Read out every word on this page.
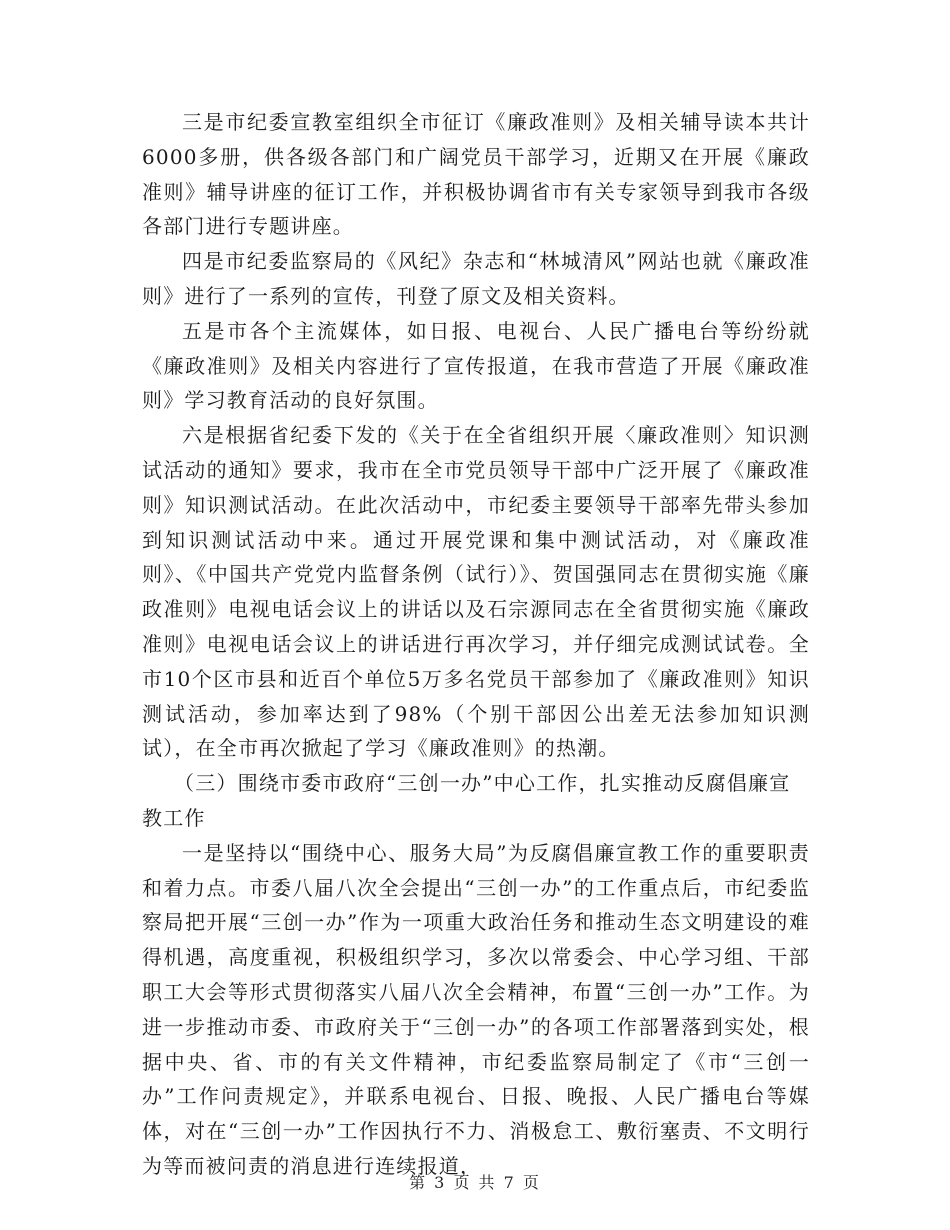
三是市纪委宣教室组织全市征订《廉政准则》及相关辅导读本共计6000多册，供各级各部门和广阔党员干部学习，近期又在开展《廉政准则》辅导讲座的征订工作，并积极协调省市有关专家领导到我市各级各部门进行专题讲座。

四是市纪委监察局的《风纪》杂志和“林城清风”网站也就《廉政准则》进行了一系列的宣传，刊登了原文及相关资料。

五是市各个主流媒体，如日报、电视台、人民广播电台等纷纷就《廉政准则》及相关内容进行了宣传报道，在我市营造了开展《廉政准则》学习教育活动的良好氛围。

六是根据省纪委下发的《关于在全省组织开展〈廉政准则〉知识测试活动的通知》要求，我市在全市党员领导干部中广泛开展了《廉政准则》知识测试活动。在此次活动中，市纪委主要领导干部率先带头参加到知识测试活动中来。通过开展党课和集中测试活动，对《廉政准则》、《中国共产党党内监督条例（试行）》、贺国强同志在贯彻实施《廉政准则》电视电话会议上的讲话以及石宗源同志在全省贯彻实施《廉政准则》电视电话会议上的讲话进行再次学习，并仔细完成测试试卷。全市10个区市县和近百个单位5万多名党员干部参加了《廉政准则》知识测试活动，参加率达到了98%（个别干部因公出差无法参加知识测试），在全市再次掀起了学习《廉政准则》的热潮。

（三）围绕市委市政府“三创一办”中心工作，扎实推动反腐倡廉宣教工作

一是坚持以“围绕中心、服务大局”为反腐倡廉宣教工作的重要职责和着力点。市委八届八次全会提出“三创一办”的工作重点后，市纪委监察局把开展“三创一办”作为一项重大政治任务和推动生态文明建设的难得机遇，高度重视，积极组织学习，多次以常委会、中心学习组、干部职工大会等形式贯彻落实八届八次全会精神，布置“三创一办”工作。为进一步推动市委、市政府关于“三创一办”的各项工作部署落到实处，根据中央、省、市的有关文件精神，市纪委监察局制定了《市“三创一办”工作问责规定》，并联系电视台、日报、晚报、人民广播电台等媒体，对在“三创一办”工作因执行不力、消极怠工、敷衍塞责、不文明行为等而被问责的消息进行连续报道，

第 3 页 共 7 页
